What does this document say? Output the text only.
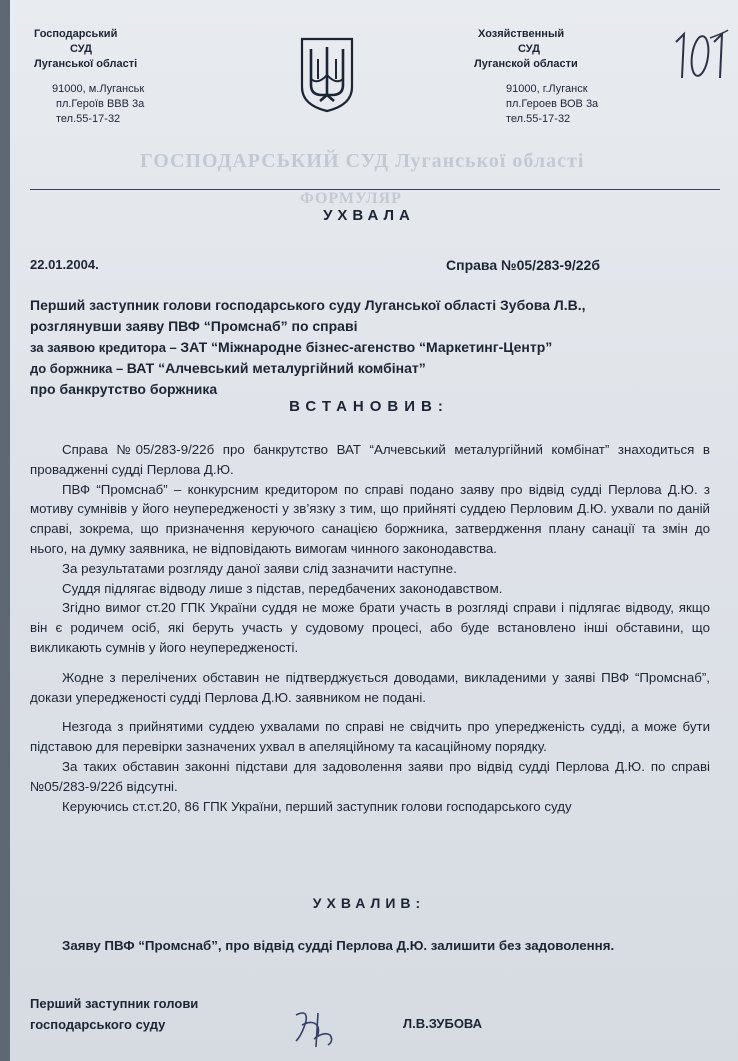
ГОСПОДАРСЬКИЙ СУД Луганської області
ФОРМУЛЯР
Господарський
СУД
Луганської області
91000, м.Луганськ
пл.Героїв ВВВ 3а
тел.55-17-32
Хозяйственный
СУД
Луганской области
91000, г.Луганск
пл.Героев ВОВ 3а
тел.55-17-32
УХВАЛА
22.01.2004.	Справа №05/283-9/22б
Перший заступник голови господарського суду Луганської області Зубова Л.В.,
розглянувши заяву ПВФ “Промснаб” по справі
за заявою кредитора – ЗАТ “Міжнародне бізнес-агенство “Маркетинг-Центр”
до боржника – ВАТ “Алчевський металургійний комбінат”
про банкрутство боржника
ВСТАНОВИВ:

Справа №05/283-9/22б про банкрутство ВАТ “Алчевський металургійний комбінат” знаходиться в провадженні судді Перлова Д.Ю.

ПВФ “Промснаб” – конкурсним кредитором по справі подано заяву про відвід судді Перлова Д.Ю. з мотиву сумнівів у його неупередженості у зв’язку з тим, що прийняті суддею Перловим Д.Ю. ухвали по даній справі, зокрема, що призначення керуючого санацією боржника, затвердження плану санації та змін до нього, на думку заявника, не відповідають вимогам чинного законодавства.

За результатами розгляду даної заяви слід зазначити наступне.

Суддя підлягає відводу лише з підстав, передбачених законодавством.

Згідно вимог ст.20 ГПК України суддя не може брати участь в розгляді справи і підлягає відводу, якщо він є родичем осіб, які беруть участь у судовому процесі, або буде встановлено інші обставини, що викликають сумнів у його неупередженості.

Жодне з перелічених обставин не підтверджується доводами, викладеними у заяві ПВФ “Промснаб”, докази упередженості судді Перлова Д.Ю. заявником не подані.

Незгода з прийнятими суддею ухвалами по справі не свідчить про упередженість судді, а може бути підставою для перевірки зазначених ухвал в апеляційному та касаційному порядку.

За таких обставин законні підстави для задоволення заяви про відвід судді Перлова Д.Ю. по справі №05/283-9/22б відсутні.

Керуючись ст.ст.20, 86 ГПК України, перший заступник голови господарського суду

УХВАЛИВ:
Заяву ПВФ “Промснаб”, про відвід судді Перлова Д.Ю. залишити без задоволення.
Перший заступник голови
господарського суду	Л.В.ЗУБОВА
